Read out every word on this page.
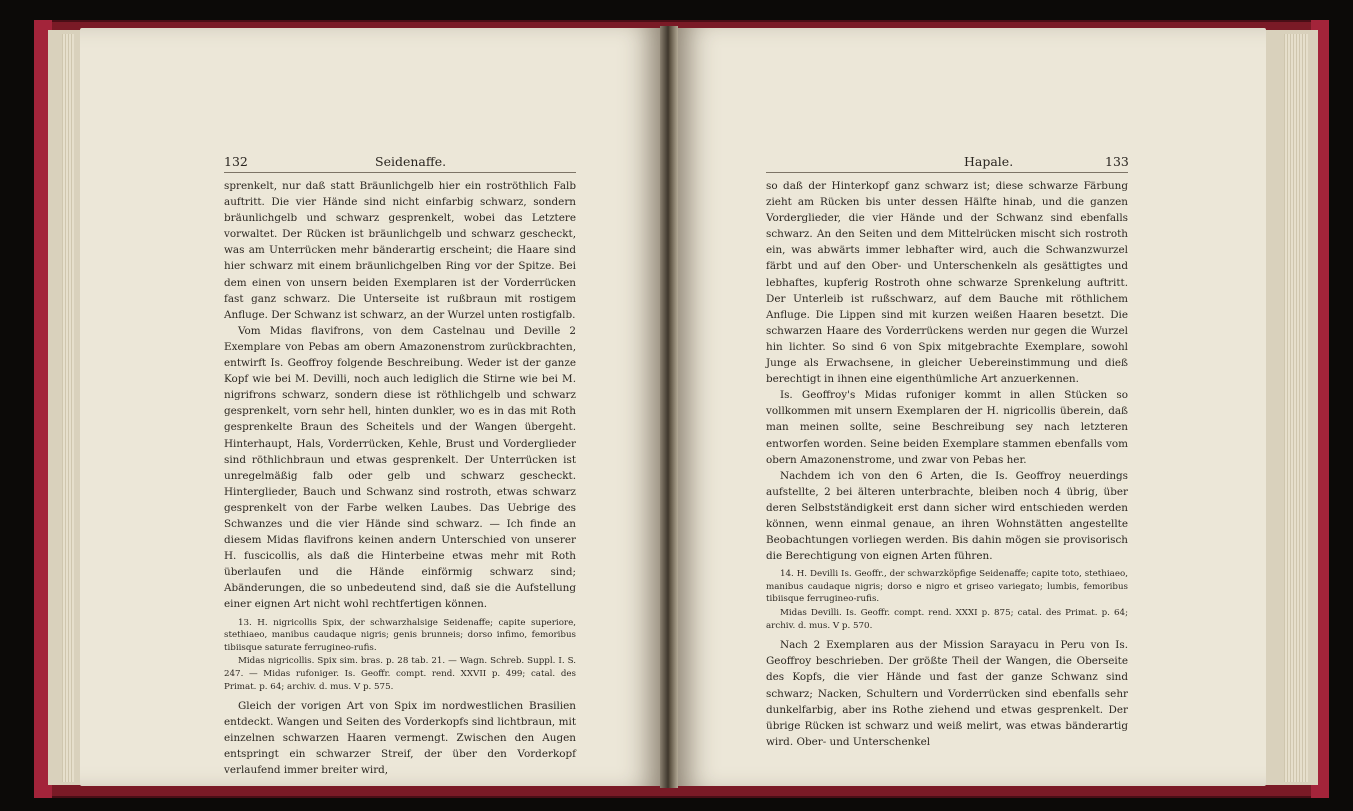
132	Seidenaffe.

sprenkelt, nur daß statt Bräunlichgelb hier ein roströthlich Falb auftritt. Die vier Hände sind nicht einfarbig schwarz, sondern bräunlichgelb und schwarz gesprenkelt, wobei das Letztere vorwaltet. Der Rücken ist bräunlichgelb und schwarz gescheckt, was am Unterrücken mehr bänderartig erscheint; die Haare sind hier schwarz mit einem bräunlichgelben Ring vor der Spitze. Bei dem einen von unsern beiden Exemplaren ist der Vorderrücken fast ganz schwarz. Die Unterseite ist rußbraun mit rostigem Anfluge. Der Schwanz ist schwarz, an der Wurzel unten rostigfalb.

Vom Midas flavifrons, von dem Castelnau und Deville 2 Exemplare von Pebas am obern Amazonenstrom zurückbrachten, entwirft Is. Geoffroy folgende Beschreibung. Weder ist der ganze Kopf wie bei M. Devilli, noch auch lediglich die Stirne wie bei M. nigrifrons schwarz, sondern diese ist röthlichgelb und schwarz gesprenkelt, vorn sehr hell, hinten dunkler, wo es in das mit Roth gesprenkelte Braun des Scheitels und der Wangen übergeht. Hinterhaupt, Hals, Vorderrücken, Kehle, Brust und Vorderglieder sind röthlichbraun und etwas gesprenkelt. Der Unterrücken ist unregelmäßig falb oder gelb und schwarz gescheckt. Hinterglieder, Bauch und Schwanz sind rostroth, etwas schwarz gesprenkelt von der Farbe welken Laubes. Das Uebrige des Schwanzes und die vier Hände sind schwarz. — Ich finde an diesem Midas flavifrons keinen andern Unterschied von unserer H. fuscicollis, als daß die Hinterbeine etwas mehr mit Roth überlaufen und die Hände einförmig schwarz sind; Abänderungen, die so unbedeutend sind, daß sie die Aufstellung einer eignen Art nicht wohl rechtfertigen können.

13. H. nigricollis Spix, der schwarzhalsige Seidenaffe; capite superiore, stethiaeo, manibus caudaque nigris; genis brunneis; dorso infimo, femoribus tibiisque saturate ferrugineo-rufis.

Midas nigricollis. Spix sim. bras. p. 28 tab. 21. — Wagn. Schreb. Suppl. I. S. 247. — Midas rufoniger. Is. Geoffr. compt. rend. XXVII p. 499; catal. des Primat. p. 64; archiv. d. mus. V p. 575.

Gleich der vorigen Art von Spix im nordwestlichen Brasilien entdeckt. Wangen und Seiten des Vorderkopfs sind lichtbraun, mit einzelnen schwarzen Haaren vermengt. Zwischen den Augen entspringt ein schwarzer Streif, der über den Vorderkopf verlaufend immer breiter wird,

Hapale.	133

so daß der Hinterkopf ganz schwarz ist; diese schwarze Färbung zieht am Rücken bis unter dessen Hälfte hinab, und die ganzen Vorderglieder, die vier Hände und der Schwanz sind ebenfalls schwarz. An den Seiten und dem Mittelrücken mischt sich rostroth ein, was abwärts immer lebhafter wird, auch die Schwanzwurzel färbt und auf den Ober- und Unterschenkeln als gesättigtes und lebhaftes, kupferig Rostroth ohne schwarze Sprenkelung auftritt. Der Unterleib ist rußschwarz, auf dem Bauche mit röthlichem Anfluge. Die Lippen sind mit kurzen weißen Haaren besetzt. Die schwarzen Haare des Vorderrückens werden nur gegen die Wurzel hin lichter. So sind 6 von Spix mitgebrachte Exemplare, sowohl Junge als Erwachsene, in gleicher Uebereinstimmung und dieß berechtigt in ihnen eine eigenthümliche Art anzuerkennen.

Is. Geoffroy's Midas rufoniger kommt in allen Stücken so vollkommen mit unsern Exemplaren der H. nigricollis überein, daß man meinen sollte, seine Beschreibung sey nach letzteren entworfen worden. Seine beiden Exemplare stammen ebenfalls vom obern Amazonenstrome, und zwar von Pebas her.

Nachdem ich von den 6 Arten, die Is. Geoffroy neuerdings aufstellte, 2 bei älteren unterbrachte, bleiben noch 4 übrig, über deren Selbstständigkeit erst dann sicher wird entschieden werden können, wenn einmal genaue, an ihren Wohnstätten angestellte Beobachtungen vorliegen werden. Bis dahin mögen sie provisorisch die Berechtigung von eignen Arten führen.

14. H. Devilli Is. Geoffr., der schwarzköpfige Seidenaffe; capite toto, stethiaeo, manibus caudaque nigris; dorso e nigro et griseo variegato; lumbis, femoribus tibiisque ferrugineo-rufis.

Midas Devilli. Is. Geoffr. compt. rend. XXXI p. 875; catal. des Primat. p. 64; archiv. d. mus. V p. 570.

Nach 2 Exemplaren aus der Mission Sarayacu in Peru von Is. Geoffroy beschrieben. Der größte Theil der Wangen, die Oberseite des Kopfs, die vier Hände und fast der ganze Schwanz sind schwarz; Nacken, Schultern und Vorderrücken sind ebenfalls sehr dunkelfarbig, aber ins Rothe ziehend und etwas gesprenkelt. Der übrige Rücken ist schwarz und weiß melirt, was etwas bänderartig wird. Ober- und Unterschenkel
